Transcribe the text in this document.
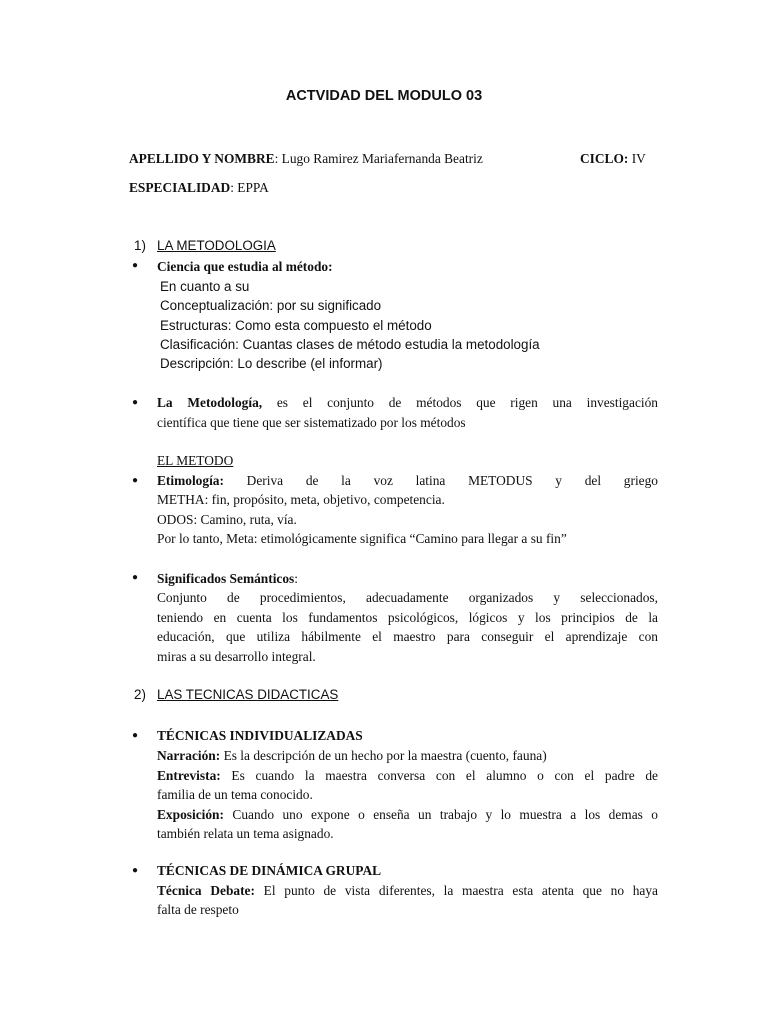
ACTVIDAD DEL MODULO 03
APELLIDO Y NOMBRE: Lugo Ramirez Mariafernanda Beatriz	CICLO: IV
ESPECIALIDAD: EPPA
1) LA METODOLOGIA
● Ciencia que estudia al método:
En cuanto a su
Conceptualización: por su significado
Estructuras: Como esta compuesto el método
Clasificación: Cuantas clases de método estudia la metodología
Descripción: Lo describe (el informar)
● La Metodología, es el conjunto de métodos que rigen una investigación
científica que tiene que ser sistematizado por los métodos
EL METODO
● Etimología: Deriva de la voz latina METODUS y del griego
METHA: fin, propósito, meta, objetivo, competencia.
ODOS: Camino, ruta, vía.
Por lo tanto, Meta: etimológicamente significa “Camino para llegar a su fin”
● Significados Semánticos:
Conjunto de procedimientos, adecuadamente organizados y seleccionados,
teniendo en cuenta los fundamentos psicológicos, lógicos y los principios de la
educación, que utiliza hábilmente el maestro para conseguir el aprendizaje con
miras a su desarrollo integral.
2) LAS TECNICAS DIDACTICAS
● TÉCNICAS INDIVIDUALIZADAS
Narración: Es la descripción de un hecho por la maestra (cuento, fauna)
Entrevista: Es cuando la maestra conversa con el alumno o con el padre de
familia de un tema conocido.
Exposición: Cuando uno expone o enseña un trabajo y lo muestra a los demas o
también relata un tema asignado.
● TÉCNICAS DE DINÁMICA GRUPAL
Técnica Debate: El punto de vista diferentes, la maestra esta atenta que no haya
falta de respeto
